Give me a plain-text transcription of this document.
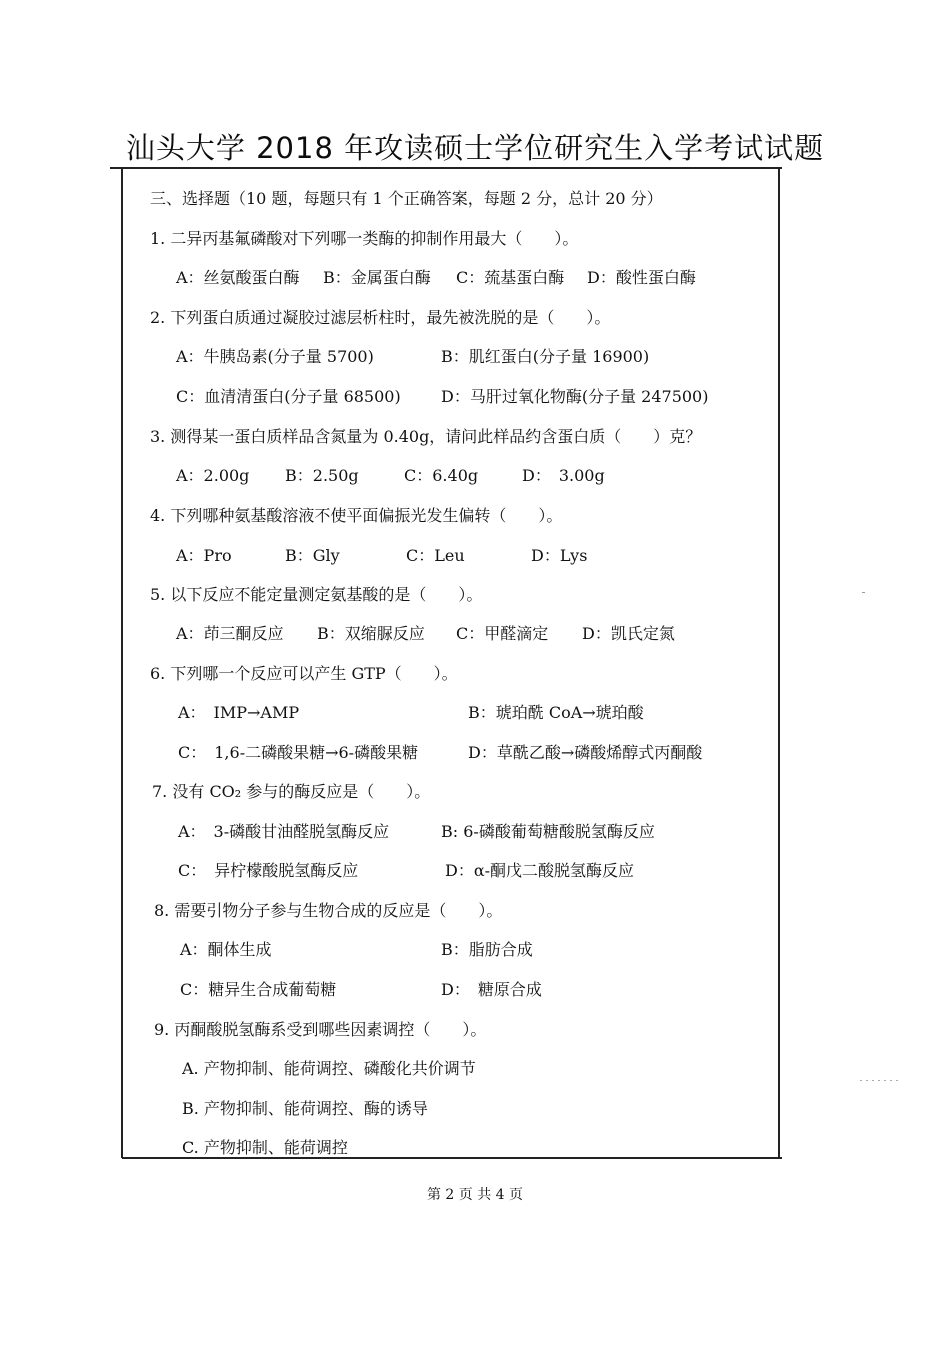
汕头大学 2018 年攻读硕士学位研究生入学考试试题
三、选择题（10 题，每题只有 1 个正确答案，每题 2 分，总计 20 分）
1. 二异丙基氟磷酸对下列哪一类酶的抑制作用最大（　　）。
A：丝氨酸蛋白酶 B：金属蛋白酶 C：巯基蛋白酶 D：酸性蛋白酶
2. 下列蛋白质通过凝胶过滤层析柱时，最先被洗脱的是（　　）。
A：牛胰岛素(分子量 5700)	B：肌红蛋白(分子量 16900)
C：血清清蛋白(分子量 68500)	D：马肝过氧化物酶(分子量 247500)
3. 测得某一蛋白质样品含氮量为 0.40g，请问此样品约含蛋白质（　　）克？
A：2.00g B：2.50g	C：6.40g	D：　3.00g
4. 下列哪种氨基酸溶液不使平面偏振光发生偏转（　　）。
A：Pro	B：Gly	C：Leu	D：Lys
5. 以下反应不能定量测定氨基酸的是（　　）。
A：茚三酮反应 B：双缩脲反应 C：甲醛滴定 D：凯氏定氮
6. 下列哪一个反应可以产生 GTP（　　）。
A：　IMP→AMP	B：琥珀酰 CoA→琥珀酸
C：　1,6-二磷酸果糖→6-磷酸果糖	D：草酰乙酸→磷酸烯醇式丙酮酸
7. 没有 CO₂ 参与的酶反应是（　　）。
A：　3-磷酸甘油醛脱氢酶反应	B: 6-磷酸葡萄糖酸脱氢酶反应
C：　异柠檬酸脱氢酶反应	D：α-酮戊二酸脱氢酶反应
8. 需要引物分子参与生物合成的反应是（　　）。
A：酮体生成	B：脂肪合成
C：糖异生合成葡萄糖	D：　糖原合成
9. 丙酮酸脱氢酶系受到哪些因素调控（　　）。
A. 产物抑制、能荷调控、磷酸化共价调节
B. 产物抑制、能荷调控、酶的诱导
C. 产物抑制、能荷调控
第 2 页 共 4 页
